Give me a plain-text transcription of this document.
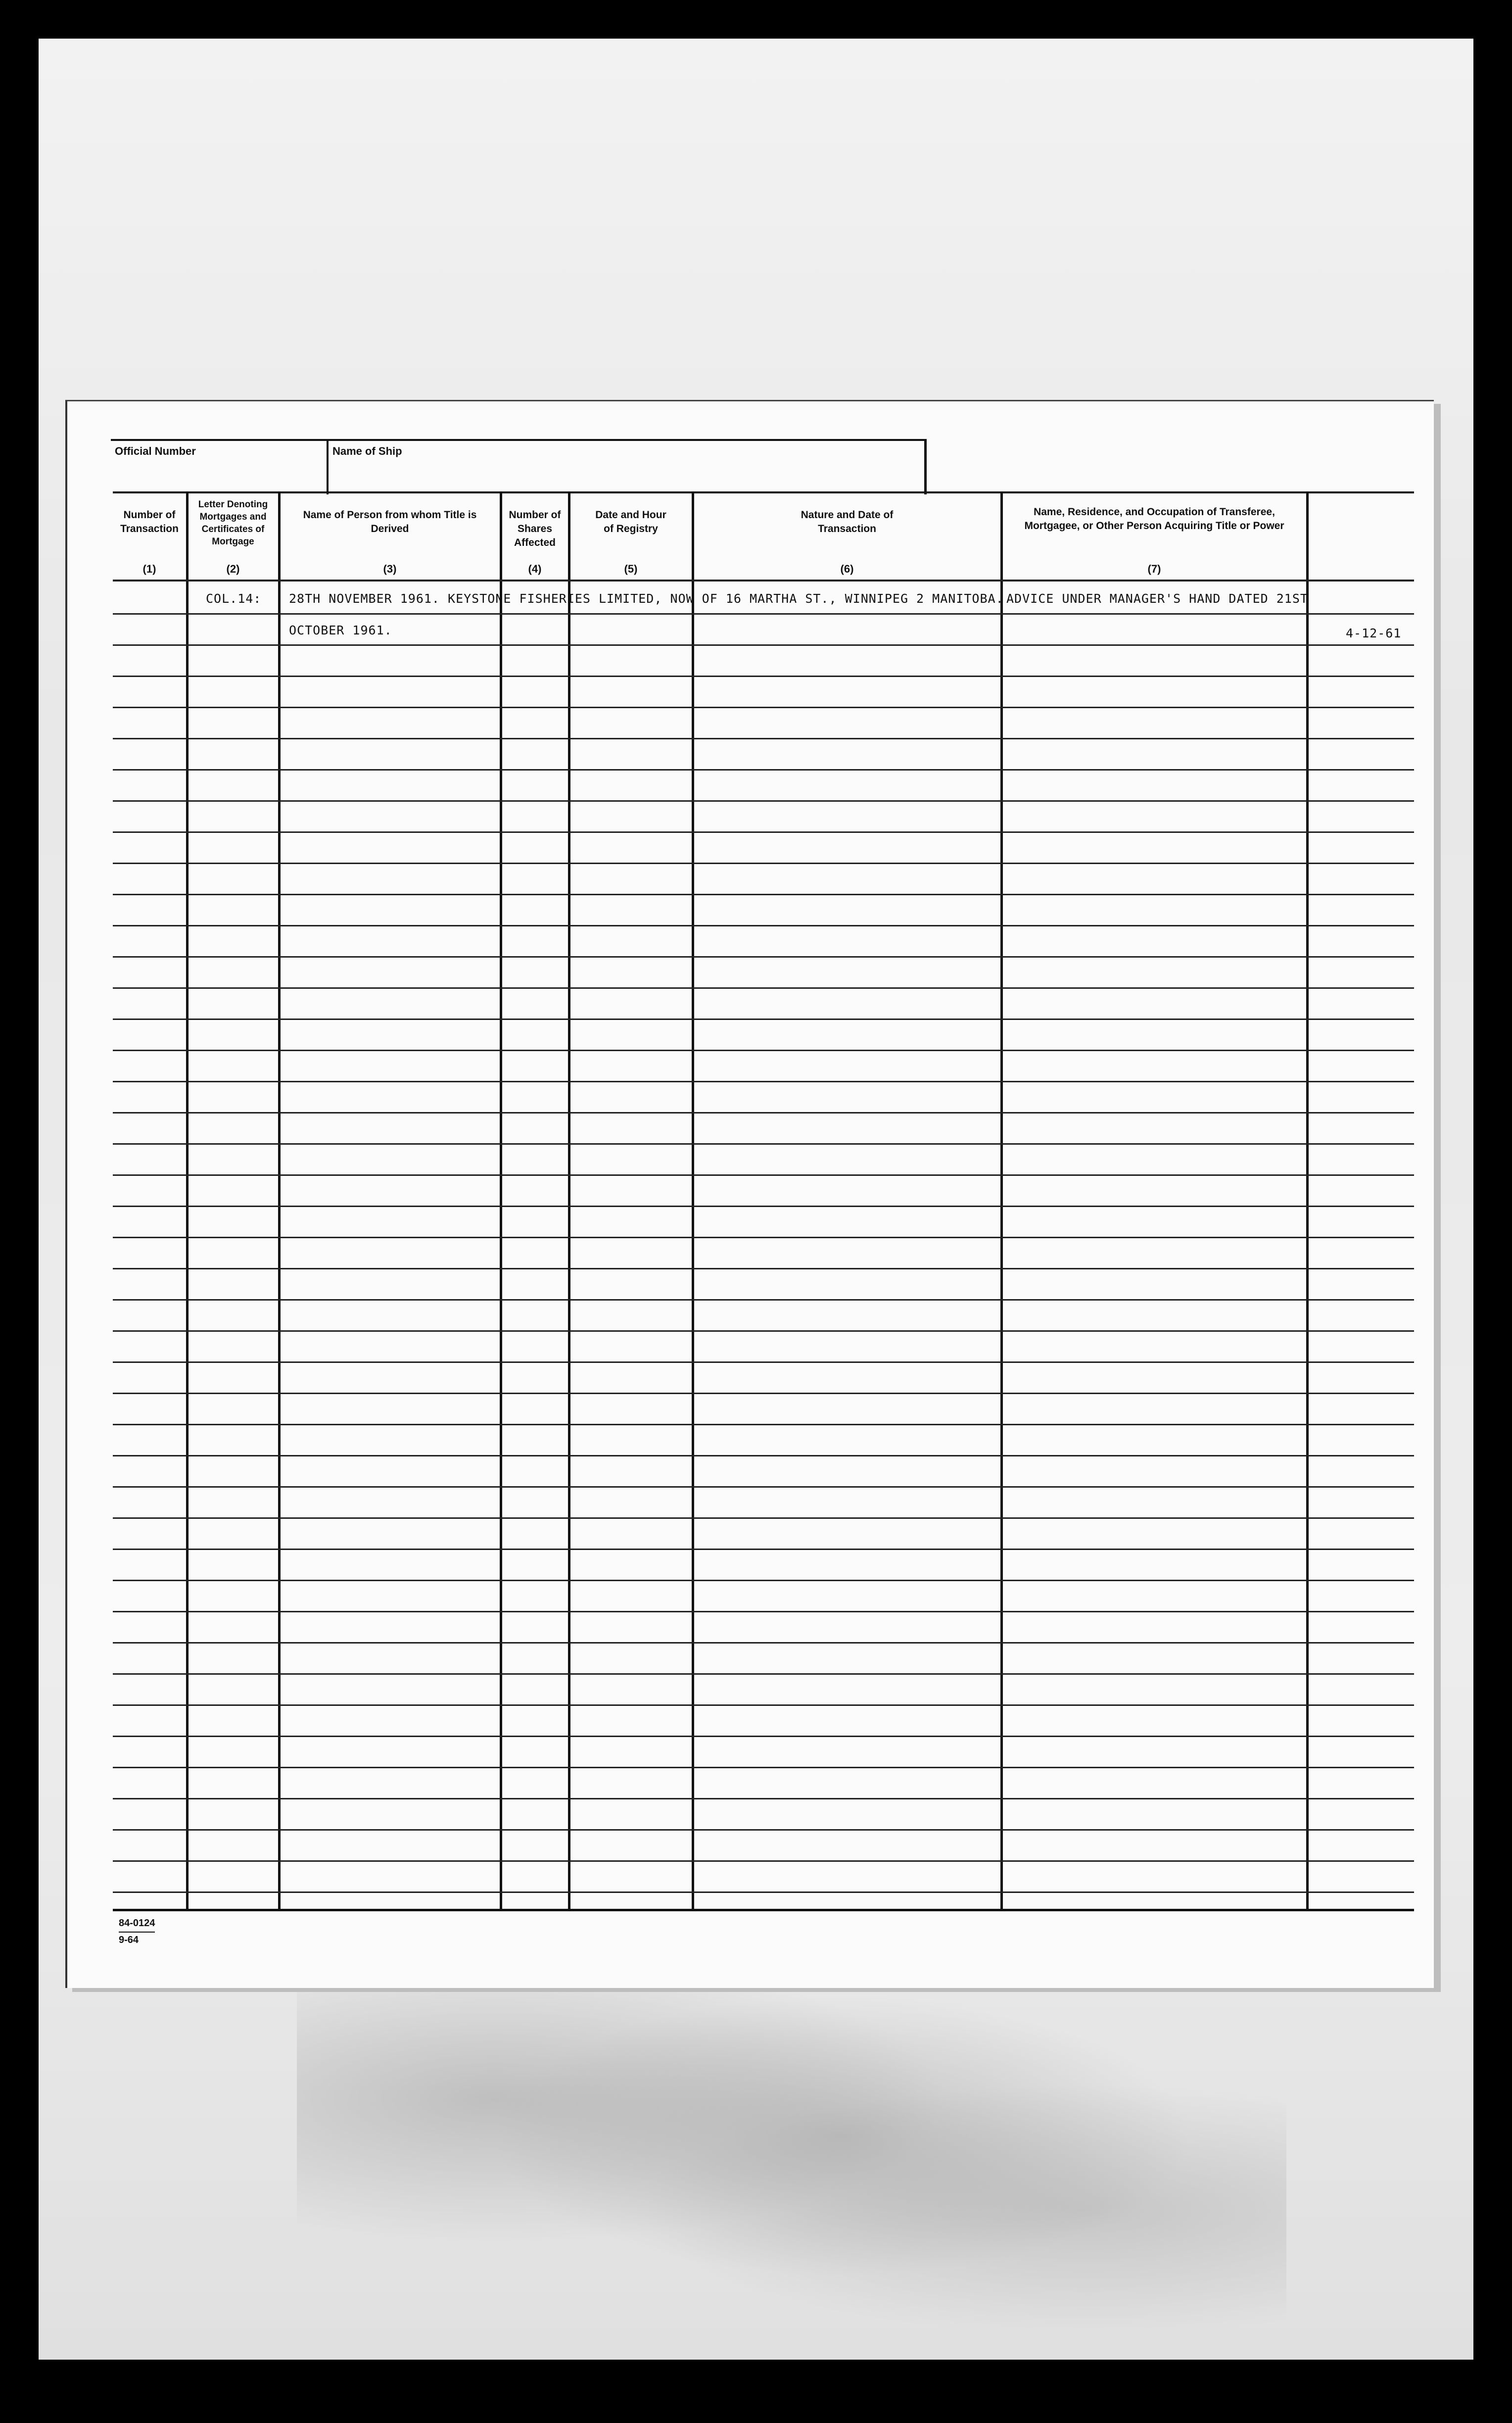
Official Number	Name of Ship
Number of Transaction
(1)
Letter Denoting Mortgages and Certificates of Mortgage
(2)
Name of Person from whom Title is Derived
(3)
Number of Shares Affected
(4)
Date and Hour of Registry
(5)
Nature and Date of Transaction
(6)
Name, Residence, and Occupation of Transferee, Mortgagee, or Other Person Acquiring Title or Power
(7)
COL.14: 28TH NOVEMBER 1961. KEYSTONE FISHERIES LIMITED, NOW OF 16 MARTHA ST., WINNIPEG 2 MANITOBA. ADVICE UNDER MANAGER'S HAND DATED 21ST
OCTOBER 1961.	4-12-61
84-0124
9-64
